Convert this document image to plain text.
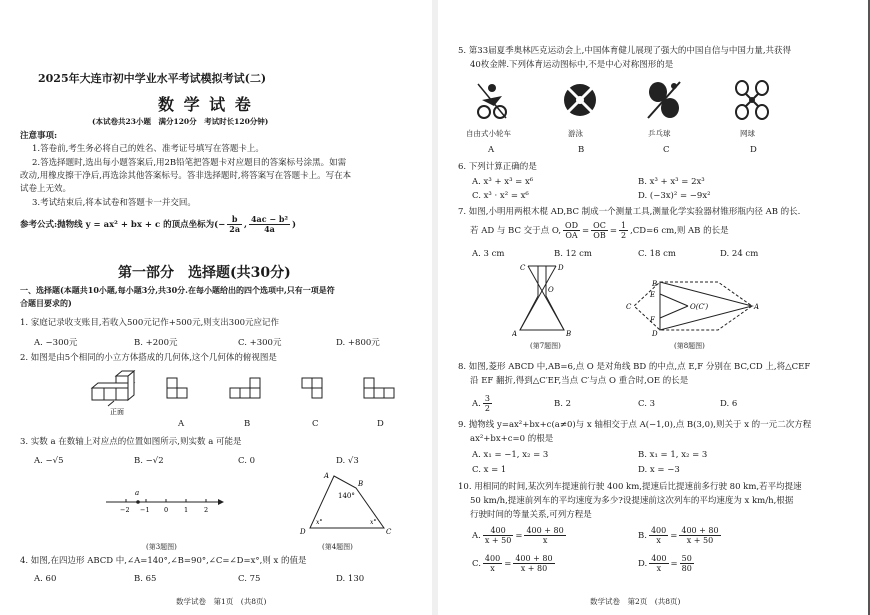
2025年大连市初中学业水平考试模拟考试(二)
数 学 试 卷
(本试卷共23小题　满分120分　考试时长120分钟)
注意事项:
1.答卷前,考生务必将自己的姓名、准考证号填写在答题卡上。
2.答选择题时,选出每小题答案后,用2B铅笔把答题卡对应题目的答案标号涂黑。如需
改动,用橡皮擦干净后,再选涂其他答案标号。答非选择题时,将答案写在答题卡上。写在本
试卷上无效。
3.考试结束后,将本试卷和答题卡一并交回。
参考公式:抛物线 y = ax² + bx + c 的顶点坐标为(− $\frac{b}{2a}$ , $\frac{\text{4ac − b²}}{4a}$ )
第一部分　选择题(共30分)
一、选择题(本题共10小题,每小题3分,共30分.在每小题给出的四个选项中,只有一项是符
合题目要求的)
1. 家庭记录收支账目,若收入500元记作+500元,则支出300元应记作
A. −300元	B. +200元	C. +300元	D. +800元
2. 如图是由5个相同的小立方体搭成的几何体,这个几何体的俯视图是
正面
A	B	C	D
3. 实数 a 在数轴上对应点的位置如图所示,则实数 a 可能是
A. −√5	B. −√2	C. 0	D. √3
a
−2 −1 0 1 2
(第3题图)
140°
A
B
C
D
x°	x°
(第4题图)
4. 如图,在四边形 ABCD 中,∠A=140°,∠B=90°,∠C=∠D=x°,则 x 的值是
A. 60	B. 65	C. 75	D. 130
数学试卷　第1页　(共8页)
5. 第33届夏季奥林匹克运动会上,中国体育健儿展现了强大的中国自信与中国力量,共获得
40枚金牌.下列体育运动图标中,不是中心对称图形的是
自由式小轮车	游泳	乒乓球	网球
A	B	C	D
6. 下列计算正确的是
A. x³ + x³ = x⁶	B. x³ + x³ = 2x³
C. x³ · x² = x⁶	D. (−3x)² = −9x²
7. 如图,小明用两根木棍 AD,BC 制成一个测量工具,测量化学实验器材锥形瓶内径 AB 的长.
若 AD 与 BC 交于点 O, $\frac{OD}{OA} = \frac{OC}{OB} = \frac{1}{2} ,CD=6$ cm,则 AB 的长是
A. 3 cm	B. 12 cm	C. 18 cm	D. 24 cm
C	D
O
A	B
(第7题图)
C
B
D
E
F
O(C′)	A
(第8题图)
8. 如图,菱形 ABCD 中,AB=6,点 O 是对角线 BD 的中点,点 E,F 分别在 BC,CD 上,将△CEF
沿 EF 翻折,得到△C′EF,当点 C′与点 O 重合时,OE 的长是
A. $\frac{3}{2}$	B. 2	C. 3	D. 6
9. 抛物线 y=ax²+bx+c(a≠0)与 x 轴相交于点 A(−1,0),点 B(3,0),则关于 x 的一元二次方程
ax²+bx+c=0 的根是
A. x₁ = −1, x₂ = 3	B. x₁ = 1, x₂ = 3
C. x = 1	D. x = −3
10. 用相同的时间,某次列车提速前行驶 400 km,提速后比提速前多行驶 80 km,若平均提速
50 km/h,提速前列车的平均速度为多少?设提速前这次列车的平均速度为 x km/h,根据
行驶时间的等量关系,可列方程是
A. $\frac{400}{x + 50} = \frac{400 + 80}{x}$	B. $\frac{400}{x} = \frac{400 + 80}{x + 50}$
C. $\frac{400}{x} = \frac{400 + 80}{x + 80}$	D. $\frac{400}{x} = \frac{50}{80}$
数学试卷　第2页　(共8页)
